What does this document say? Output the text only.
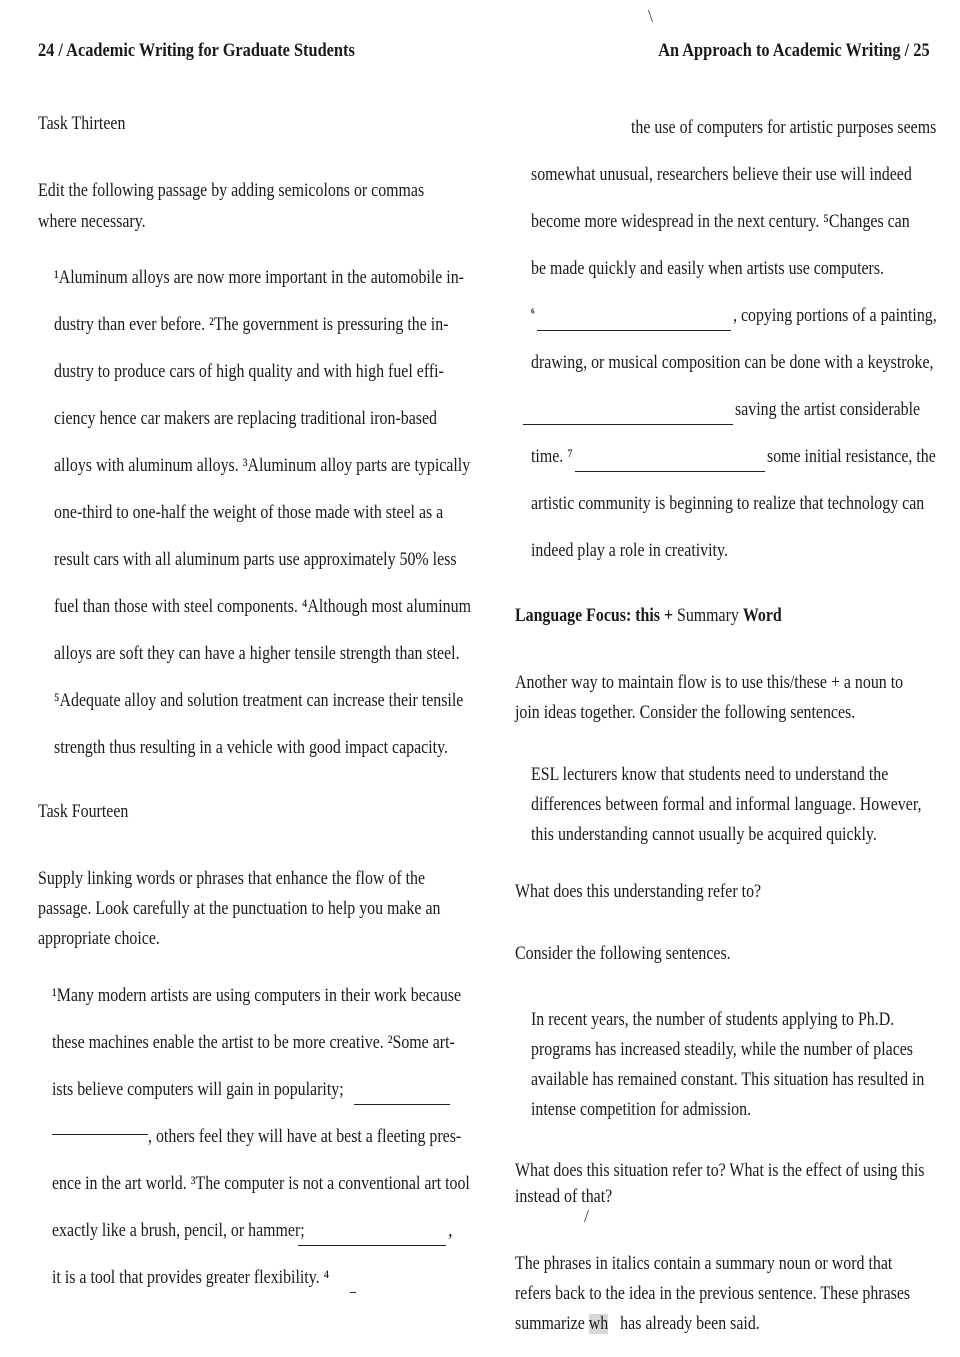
24 / Academic Writing for Graduate Students
Task Thirteen
Edit the following passage by adding semicolons or commas where necessary.
¹Aluminum alloys are now more important in the automobile in-
dustry than ever before. ²The government is pressuring the in-
dustry to produce cars of high quality and with high fuel effi-
ciency hence car makers are replacing traditional iron-based
alloys with aluminum alloys. ³Aluminum alloy parts are typically
one-third to one-half the weight of those made with steel as a
result cars with all aluminum parts use approximately 50% less
fuel than those with steel components. ⁴Although most aluminum
alloys are soft they can have a higher tensile strength than steel.
⁵Adequate alloy and solution treatment can increase their tensile
strength thus resulting in a vehicle with good impact capacity.
Task Fourteen
Supply linking words or phrases that enhance the flow of the passage. Look carefully at the punctuation to help you make an appropriate choice.
¹Many modern artists are using computers in their work because
these machines enable the artist to be more creative. ²Some art-
ists believe computers will gain in popularity;
, others feel they will have at best a fleeting pres-
ence in the art world. ³The computer is not a conventional art tool
exactly like a brush, pencil, or hammer;	,
it is a tool that provides greater flexibility. ⁴
An Approach to Academic Writing / 25
the use of computers for artistic purposes seems
somewhat unusual, researchers believe their use will indeed
become more widespread in the next century. ⁵Changes can
be made quickly and easily when artists use computers.
$^{^6}$	, copying portions of a painting,
drawing, or musical composition can be done with a keystroke,
saving the artist considerable
time. ⁷	some initial resistance, the
artistic community is beginning to realize that technology can
indeed play a role in creativity.
Language Focus: this + Summary Word
Another way to maintain flow is to use this/these + a noun to join ideas together. Consider the following sentences.
ESL lecturers know that students need to understand the differences between formal and informal language. However, this understanding cannot usually be acquired quickly.
What does this understanding refer to?
Consider the following sentences.
In recent years, the number of students applying to Ph.D. programs has increased steadily, while the number of places available has remained constant. This situation has resulted in intense competition for admission.
What does this situation refer to? What is the effect of using this instead of that?
The phrases in italics contain a summary noun or word that refers back to the idea in the previous sentence. These phrases summarize wh has already been said.
\
/
